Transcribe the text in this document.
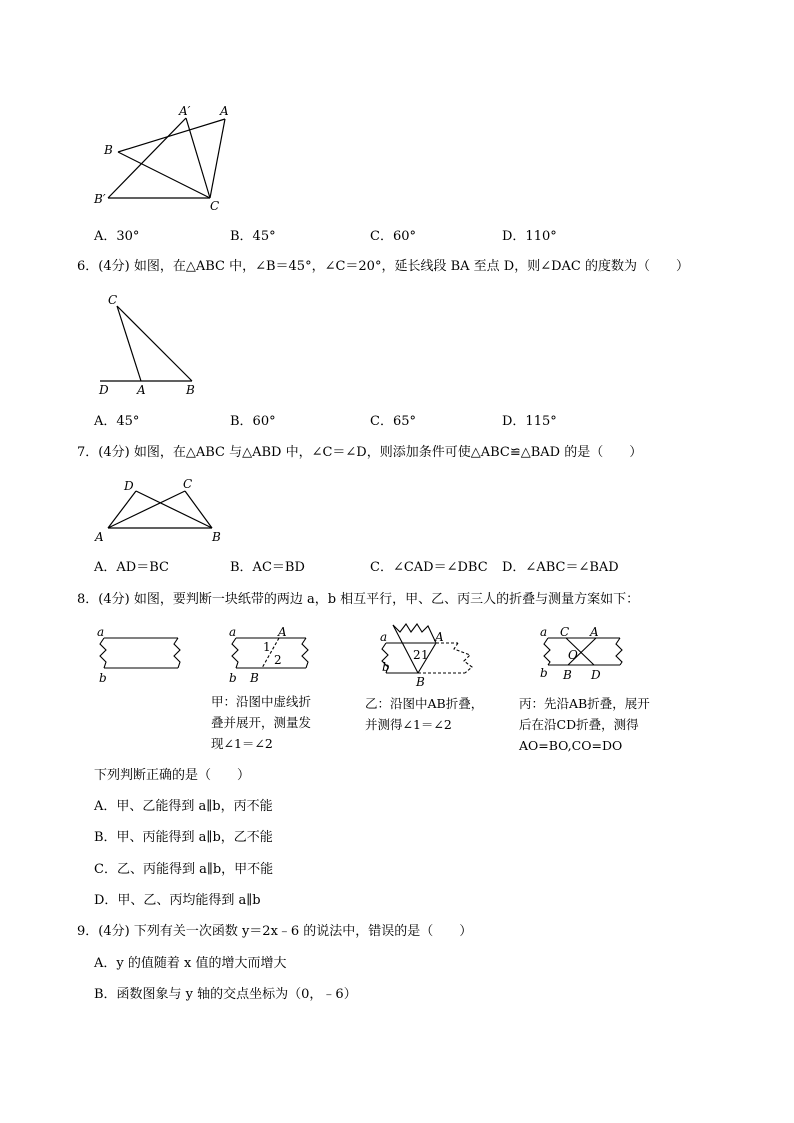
A′ A
B
B′	C
A．30°	B．45°	C．60°	D．110°
6．(4分) 如图，在△ABC 中，∠B＝45°，∠C＝20°，延长线段 BA 至点 D，则∠DAC 的度数为（　　）
C
D A	B
A．45°	B．60°	C．65°	D．115°
7．(4分) 如图，在△ABC 与△ABD 中，∠C＝∠D，则添加条件可使△ABC≌△BAD 的是（　　）
D	C
A	B
A．AD＝BC	B．AC＝BD	C．∠CAD＝∠DBC D．∠ABC＝∠BAD
8．(4分) 如图，要判断一块纸带的两边 a，b 相互平行，甲、乙、丙三人的折叠与测量方案如下：
a
b
a	A
1
2
b B
a	A
2 1
b
B
a C A
O
b B D
甲：沿图中虚线折
叠并展开，测量发
现∠1＝∠2
乙：沿图中AB折叠，
并测得∠1＝∠2
丙：先沿AB折叠，展开
后在沿CD折叠，测得
AO=BO,CO=DO
下列判断正确的是（　　）
A．甲、乙能得到 a∥b，丙不能
B．甲、丙能得到 a∥b，乙不能
C．乙、丙能得到 a∥b，甲不能
D．甲、乙、丙均能得到 a∥b
9．(4分) 下列有关一次函数 y＝2x﹣6 的说法中，错误的是（　　）
A．y 的值随着 x 值的增大而增大
B．函数图象与 y 轴的交点坐标为（0，﹣6）
